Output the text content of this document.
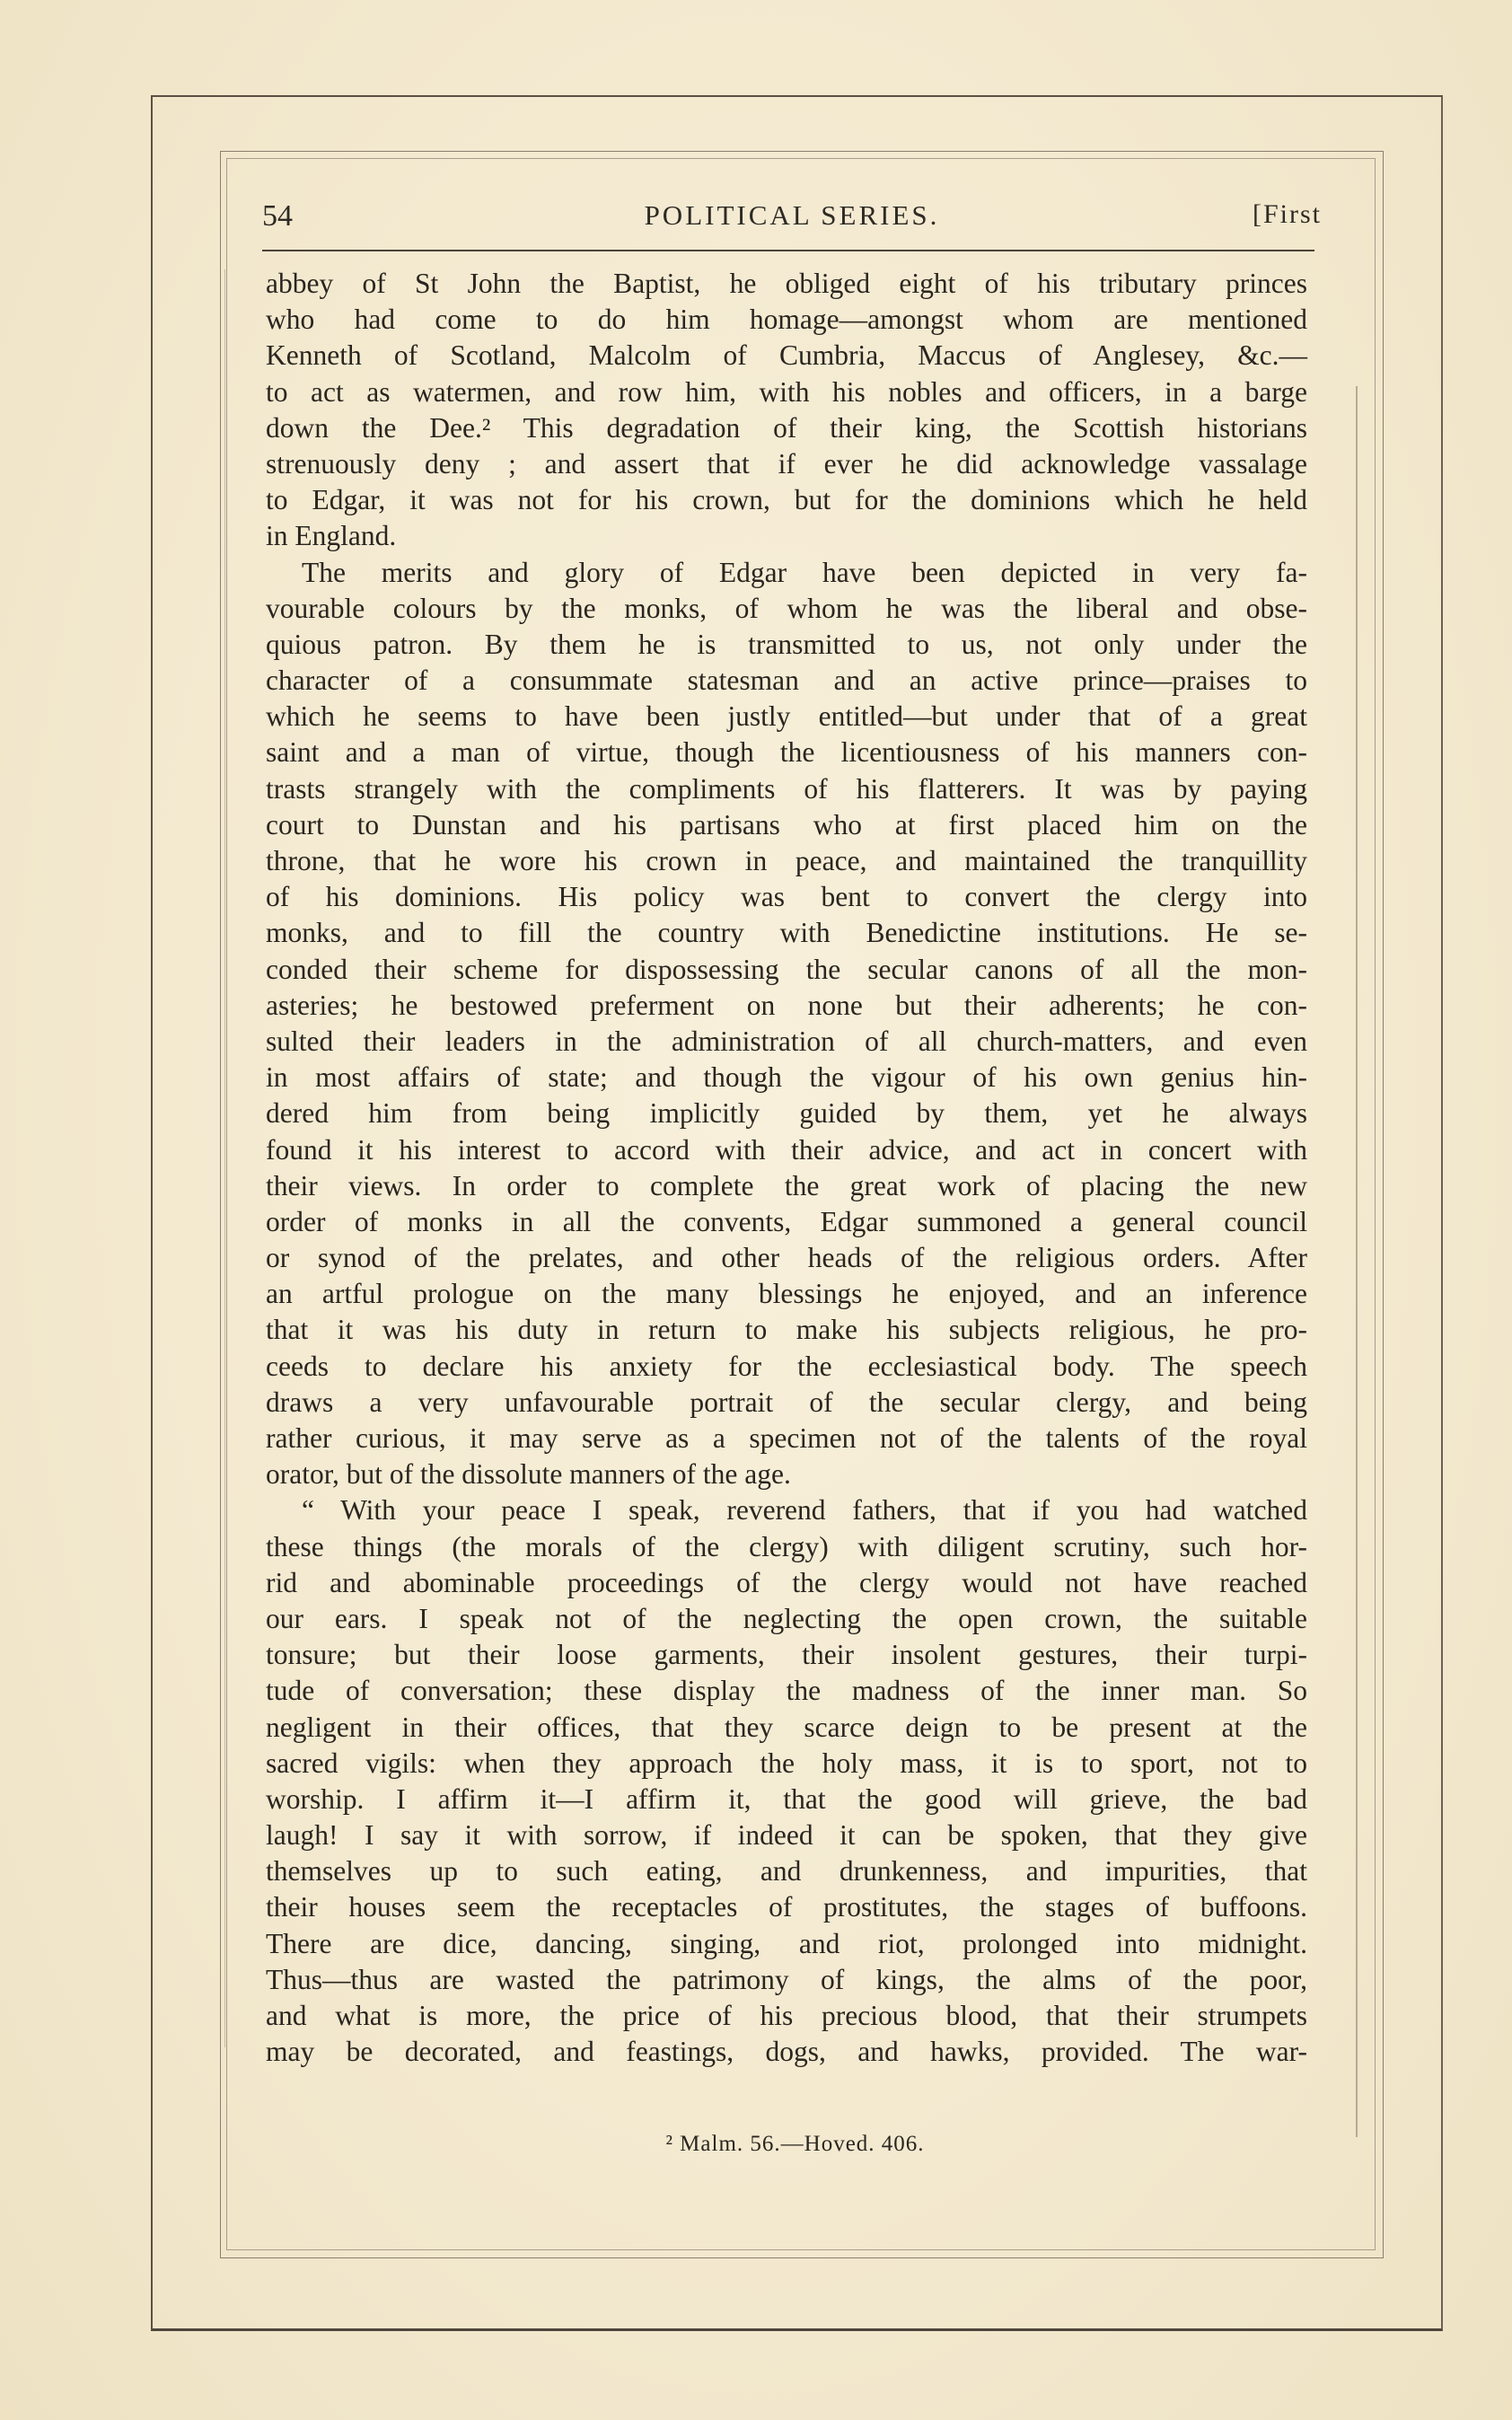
54	POLITICAL SERIES.	[First
abbey of St John the Baptist, he obliged eight of his tributary princes
who had come to do him homage—amongst whom are mentioned
Kenneth of Scotland, Malcolm of Cumbria, Maccus of Anglesey, &c.—
to act as watermen, and row him, with his nobles and officers, in a barge
down the Dee.² This degradation of their king, the Scottish historians
strenuously deny ; and assert that if ever he did acknowledge vassalage
to Edgar, it was not for his crown, but for the dominions which he held
in England.
The merits and glory of Edgar have been depicted in very fa-
vourable colours by the monks, of whom he was the liberal and obse-
quious patron. By them he is transmitted to us, not only under the
character of a consummate statesman and an active prince—praises to
which he seems to have been justly entitled—but under that of a great
saint and a man of virtue, though the licentiousness of his manners con-
trasts strangely with the compliments of his flatterers. It was by paying
court to Dunstan and his partisans who at first placed him on the
throne, that he wore his crown in peace, and maintained the tranquillity
of his dominions. His policy was bent to convert the clergy into
monks, and to fill the country with Benedictine institutions. He se-
conded their scheme for dispossessing the secular canons of all the mon-
asteries; he bestowed preferment on none but their adherents; he con-
sulted their leaders in the administration of all church-matters, and even
in most affairs of state; and though the vigour of his own genius hin-
dered him from being implicitly guided by them, yet he always
found it his interest to accord with their advice, and act in concert with
their views. In order to complete the great work of placing the new
order of monks in all the convents, Edgar summoned a general council
or synod of the prelates, and other heads of the religious orders. After
an artful prologue on the many blessings he enjoyed, and an inference
that it was his duty in return to make his subjects religious, he pro-
ceeds to declare his anxiety for the ecclesiastical body. The speech
draws a very unfavourable portrait of the secular clergy, and being
rather curious, it may serve as a specimen not of the talents of the royal
orator, but of the dissolute manners of the age.
“ With your peace I speak, reverend fathers, that if you had watched
these things (the morals of the clergy) with diligent scrutiny, such hor-
rid and abominable proceedings of the clergy would not have reached
our ears. I speak not of the neglecting the open crown, the suitable
tonsure; but their loose garments, their insolent gestures, their turpi-
tude of conversation; these display the madness of the inner man. So
negligent in their offices, that they scarce deign to be present at the
sacred vigils: when they approach the holy mass, it is to sport, not to
worship. I affirm it—I affirm it, that the good will grieve, the bad
laugh! I say it with sorrow, if indeed it can be spoken, that they give
themselves up to such eating, and drunkenness, and impurities, that
their houses seem the receptacles of prostitutes, the stages of buffoons.
There are dice, dancing, singing, and riot, prolonged into midnight.
Thus—thus are wasted the patrimony of kings, the alms of the poor,
and what is more, the price of his precious blood, that their strumpets
may be decorated, and feastings, dogs, and hawks, provided. The war-
² Malm. 56.—Hoved. 406.
